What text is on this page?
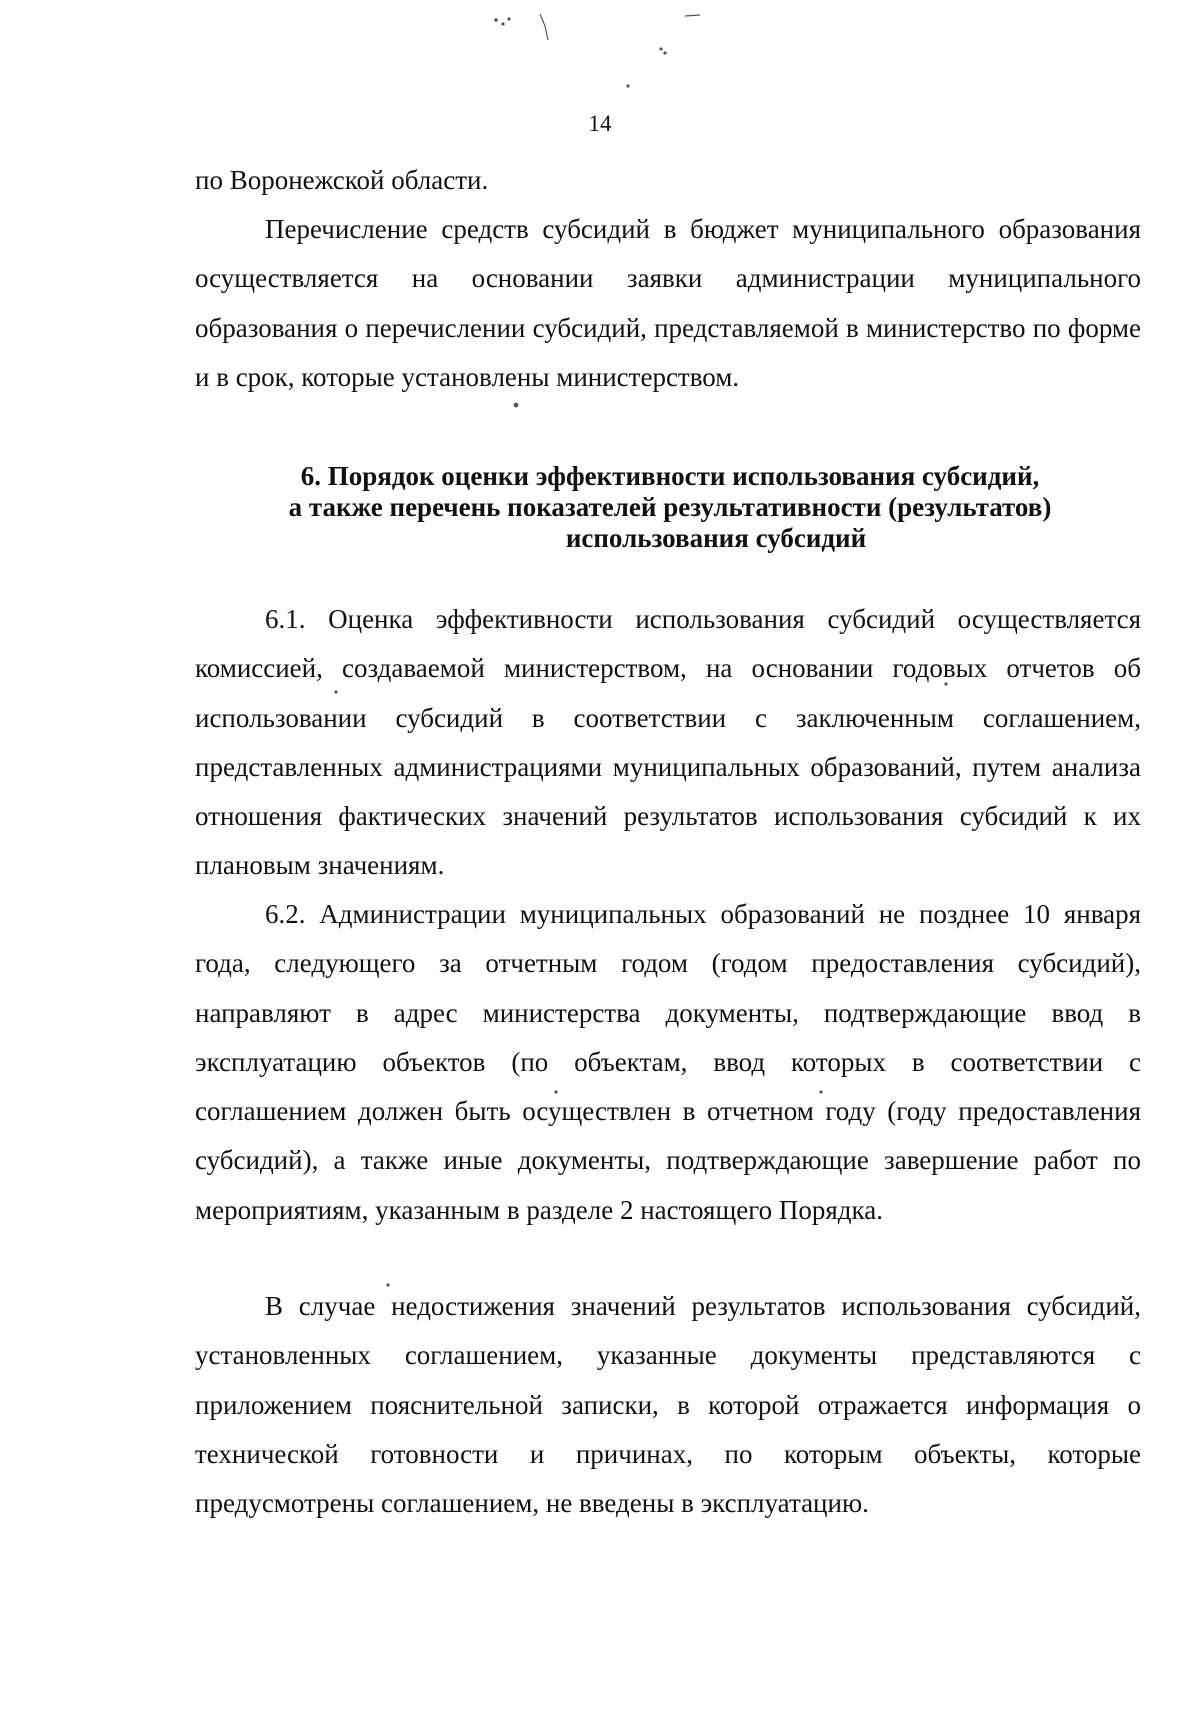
14

по Воронежской области.

Перечисление средств субсидий в бюджет муниципального образования осуществляется на основании заявки администрации муниципального образования о перечислении субсидий, представляемой в министерство по форме и в срок, которые установлены министерством.

6. Порядок оценки эффективности использования субсидий,
а также перечень показателей результативности (результатов)
использования субсидий

6.1. Оценка эффективности использования субсидий осуществляется комиссией, создаваемой министерством, на основании годовых отчетов об использовании субсидий в соответствии с заключенным соглашением, представленных администрациями муниципальных образований, путем анализа отношения фактических значений результатов использования субсидий к их плановым значениям.

6.2. Администрации муниципальных образований не позднее 10 января года, следующего за отчетным годом (годом предоставления субсидий), направляют в адрес министерства документы, подтверждающие ввод в эксплуатацию объектов (по объектам, ввод которых в соответствии с соглашением должен быть осуществлен в отчетном году (году предоставления субсидий), а также иные документы, подтверждающие завершение работ по мероприятиям, указанным в разделе 2 настоящего Порядка.

В случае недостижения значений результатов использования субсидий, установленных соглашением, указанные документы представляются с приложением пояснительной записки, в которой отражается информация о технической готовности и причинах, по которым объекты, которые предусмотрены соглашением, не введены в эксплуатацию.
